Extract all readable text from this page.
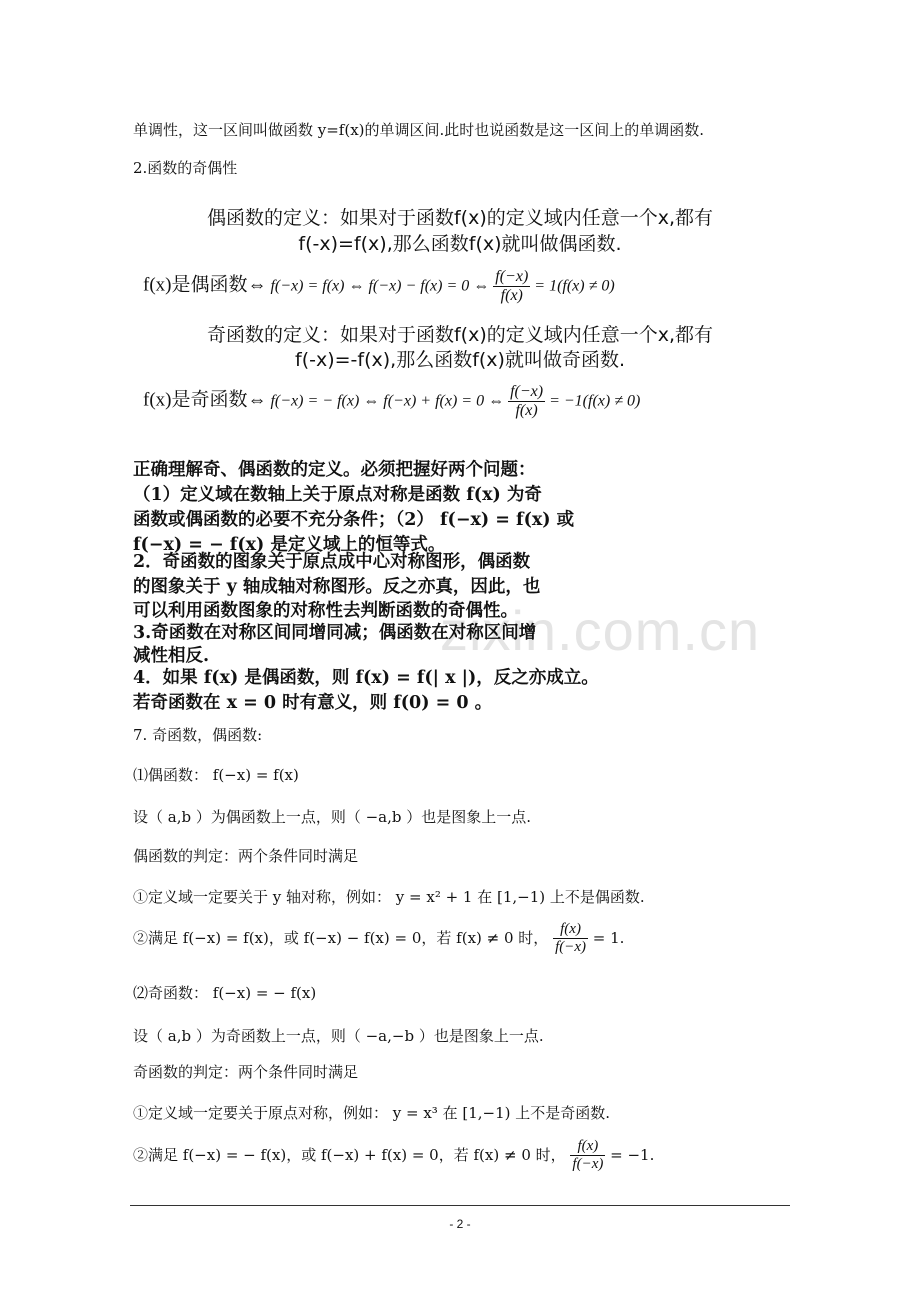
zixin.com.cn
单调性，这一区间叫做函数 y=f(x)的单调区间.此时也说函数是这一区间上的单调函数.
2.函数的奇偶性
偶函数的定义：如果对于函数f(x)的定义域内任意一个x,都有
f(-x)=f(x),那么函数f(x)就叫做偶函数.
f(x)是偶函数⇔ f(−x) = f(x) ⇔ f(−x) − f(x) = 0 ⇔ $\frac{f(-x)}{f(x)} = 1(f(x) \ne 0)$
奇函数的定义：如果对于函数f(x)的定义域内任意一个x,都有
f(-x)=-f(x),那么函数f(x)就叫做奇函数.
f(x)是奇函数⇔ f(−x) = − f(x) ⇔ f(−x) + f(x) = 0 ⇔ $\frac{f(-x)}{f(x)} = -1(f(x) \ne 0)$
正确理解奇、偶函数的定义。必须把握好两个问题：
（1）定义域在数轴上关于原点对称是函数 f(x) 为奇
函数或偶函数的必要不充分条件；（2） f(−x) = f(x) 或
f(−x) = − f(x) 是定义域上的恒等式。
2．奇函数的图象关于原点成中心对称图形，偶函数
的图象关于 y 轴成轴对称图形。反之亦真，因此，也
可以利用函数图象的对称性去判断函数的奇偶性。
3.奇函数在对称区间同增同减；偶函数在对称区间增
减性相反.
4．如果 f(x) 是偶函数，则 f(x) = f(| x |)，反之亦成立。
若奇函数在 x = 0 时有意义，则 f(0) = 0 。
7. 奇函数，偶函数:
⑴偶函数： f(−x) = f(x)
设（ a,b ）为偶函数上一点，则（ −a,b ）也是图象上一点.
偶函数的判定：两个条件同时满足
①定义域一定要关于 y 轴对称，例如： y = x² + 1 在 [1,−1) 上不是偶函数.
②满足 f(−x) = f(x)，或 f(−x) − f(x) = 0，若 f(x) ≠ 0 时， $\frac{f(x)}{f(-x)} = 1$.
⑵奇函数： f(−x) = − f(x)
设（ a,b ）为奇函数上一点，则（ −a,−b ）也是图象上一点.
奇函数的判定：两个条件同时满足
①定义域一定要关于原点对称，例如： y = x³ 在 [1,−1) 上不是奇函数.
②满足 f(−x) = − f(x)，或 f(−x) + f(x) = 0，若 f(x) ≠ 0 时， $\frac{f(x)}{f(-x)} = -1$.
- 2 -
